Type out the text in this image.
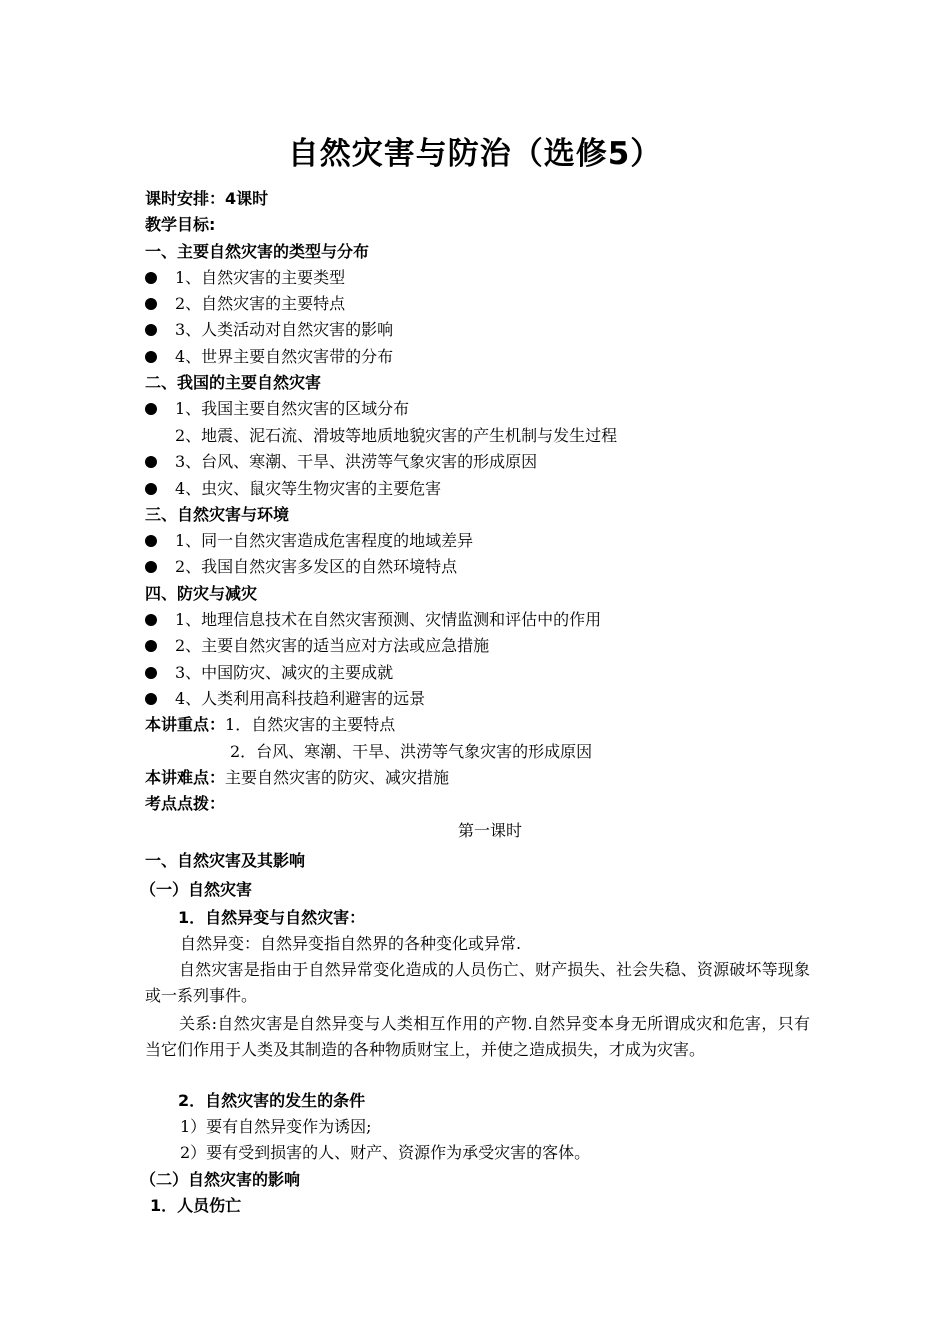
自然灾害与防治（选修5）
课时安排：4课时
教学目标:
一、主要自然灾害的类型与分布
1、自然灾害的主要类型
2、自然灾害的主要特点
3、人类活动对自然灾害的影响
4、世界主要自然灾害带的分布
二、我国的主要自然灾害
1、我国主要自然灾害的区域分布
2、地震、泥石流、滑坡等地质地貌灾害的产生机制与发生过程
3、台风、寒潮、干旱、洪涝等气象灾害的形成原因
4、虫灾、鼠灾等生物灾害的主要危害
三、自然灾害与环境
1、同一自然灾害造成危害程度的地域差异
2、我国自然灾害多发区的自然环境特点
四、防灾与减灾
1、地理信息技术在自然灾害预测、灾情监测和评估中的作用
2、主要自然灾害的适当应对方法或应急措施
3、中国防灾、减灾的主要成就
4、人类利用高科技趋利避害的远景
本讲重点：1．自然灾害的主要特点
2．台风、寒潮、干旱、洪涝等气象灾害的形成原因
本讲难点：主要自然灾害的防灾、减灾措施
考点点拨：
第一课时
一、自然灾害及其影响
（一）自然灾害
1．自然异变与自然灾害：
自然异变：自然异变指自然界的各种变化或异常.
自然灾害是指由于自然异常变化造成的人员伤亡、财产损失、社会失稳、资源破坏等现象或一系列事件。
关系:自然灾害是自然异变与人类相互作用的产物.自然异变本身无所谓成灾和危害，只有当它们作用于人类及其制造的各种物质财宝上，并使之造成损失，才成为灾害。
2．自然灾害的发生的条件
1）要有自然异变作为诱因;
2）要有受到损害的人、财产、资源作为承受灾害的客体。
（二）自然灾害的影响
1．人员伤亡
